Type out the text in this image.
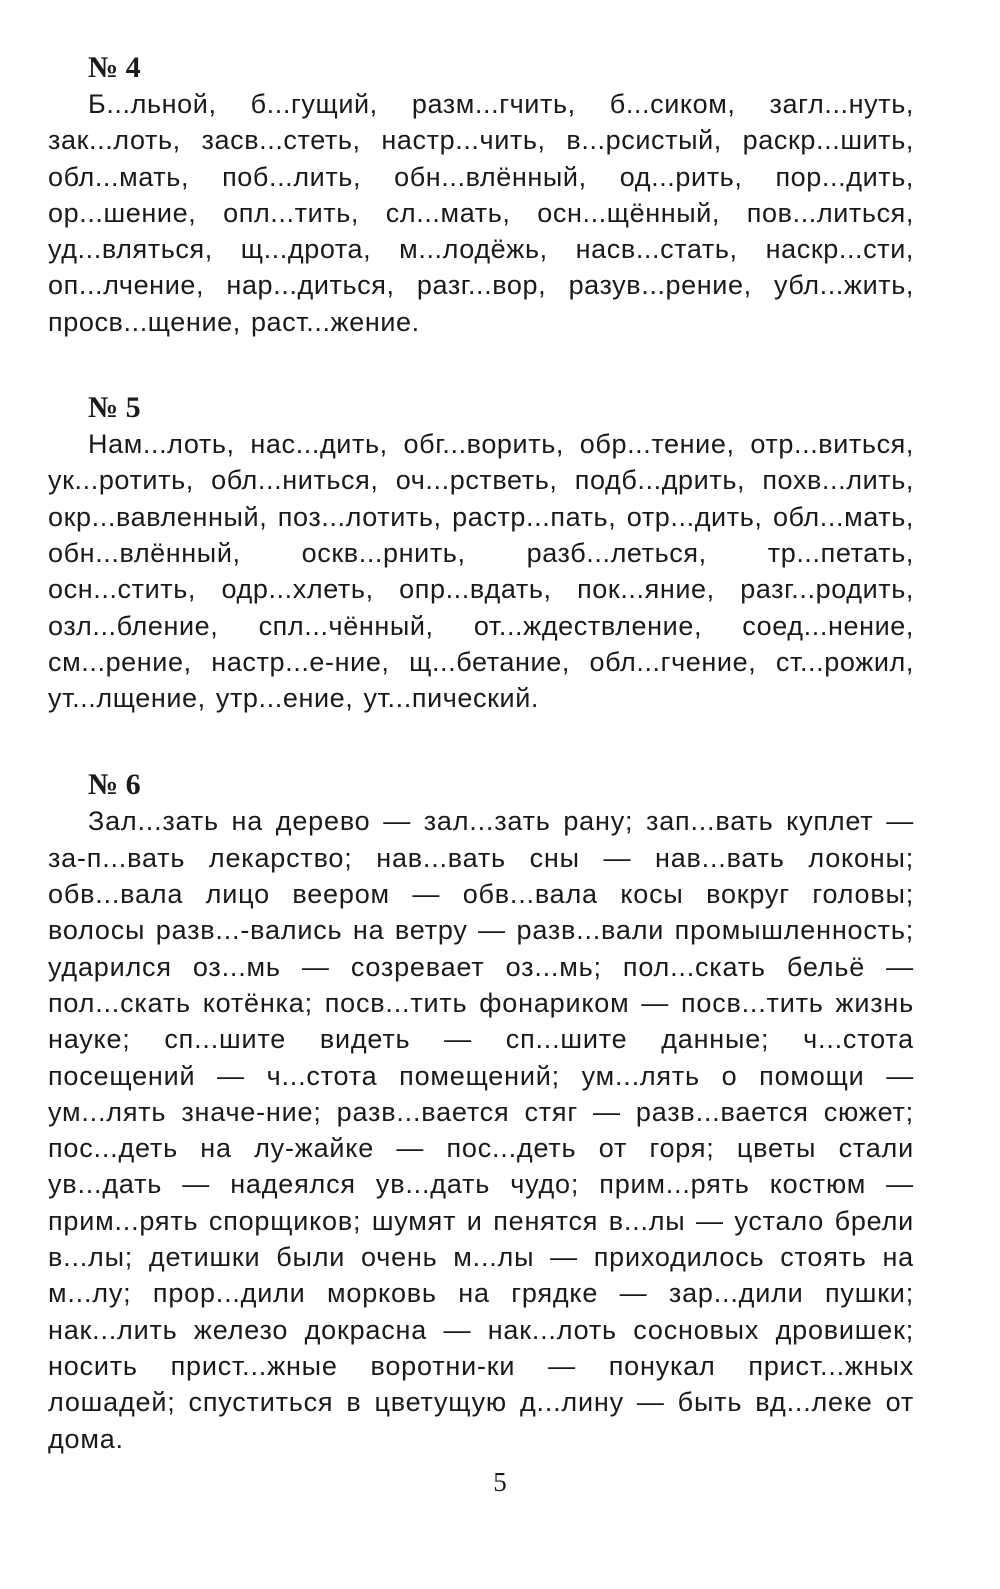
№ 4

Б...льной, б...гущий, разм...гчить, б...сиком, загл...нуть, зак...лоть, засв...стеть, настр...чить, в...рсистый, раскр...шить, обл...мать, поб...лить, обн...влённый, од...рить, пор...дить, ор...шение, опл...тить, сл...мать, осн...щённый, пов...литься, уд...вляться, щ...дрота, м...лодёжь, насв...стать, наскр...сти, оп...лчение, нар...диться, разг...вор, разув...рение, убл...жить, просв...щение, раст...жение.

№ 5

Нам...лоть, нас...дить, обг...ворить, обр...тение, отр...виться, ук...ротить, обл...ниться, оч...рстветь, подб...дрить, похв...лить, окр...вавленный, поз...лотить, растр...пать, отр...дить, обл...мать, обн...влённый, оскв...рнить, разб...леться, тр...петать, осн...стить, одр...хлеть, опр...вдать, пок...яние, разг...родить, озл...бление, спл...чённый, от...ждествление, соед...нение, см...рение, настр...е-ние, щ...бетание, обл...гчение, ст...рожил, ут...лщение, утр...ение, ут...пический.

№ 6

Зал...зать на дерево — зал...зать рану; зап...вать куплет — за-п...вать лекарство; нав...вать сны — нав...вать локоны; обв...вала лицо веером — обв...вала косы вокруг головы; волосы разв...-вались на ветру — разв...вали промышленность; ударился оз...мь — созревает оз...мь; пол...скать бельё — пол...скать котёнка; посв...тить фонариком — посв...тить жизнь науке; сп...шите видеть — сп...шите данные; ч...стота посещений — ч...стота помещений; ум...лять о помощи — ум...лять значе-ние; разв...вается стяг — разв...вается сюжет; пос...деть на лу-жайке — пос...деть от горя; цветы стали ув...дать — надеялся ув...дать чудо; прим...рять костюм — прим...рять спорщиков; шумят и пенятся в...лы — устало брели в...лы; детишки были очень м...лы — приходилось стоять на м...лу; прор...дили морковь на грядке — зар...дили пушки; нак...лить железо докрасна — нак...лоть сосновых дровишек; носить прист...жные воротни-ки — понукал прист...жных лошадей; спуститься в цветущую д...лину — быть вд...леке от дома.

5
